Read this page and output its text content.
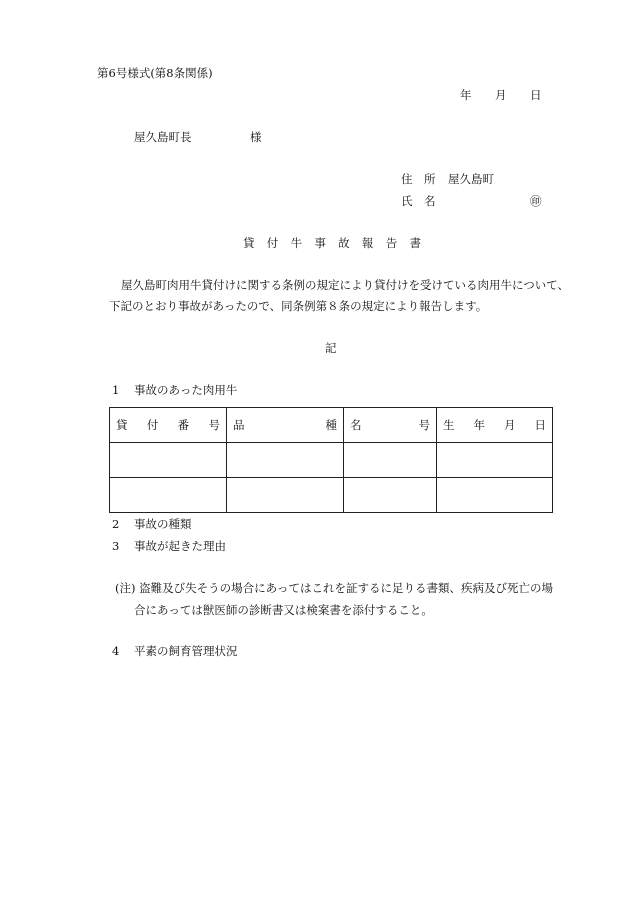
第6号様式(第8条関係)
年 月 日
屋久島町長	様
住 所 屋久島町
氏 名	㊞
貸 付 牛 事 故 報 告 書
屋久島町肉用牛貸付けに関する条例の規定により貸付けを受けている肉用牛について、
下記のとおり事故があったので、同条例第８条の規定により報告します。
記
1 事故のあった肉用牛
貸 付 番 号	品 種	名 号	生 年 月 日

2 事故の種類
3 事故が起きた理由
(注) 盗難及び失そうの場合にあってはこれを証するに足りる書類、疾病及び死亡の場
合にあっては獣医師の診断書又は検案書を添付すること。
4 平素の飼育管理状況
